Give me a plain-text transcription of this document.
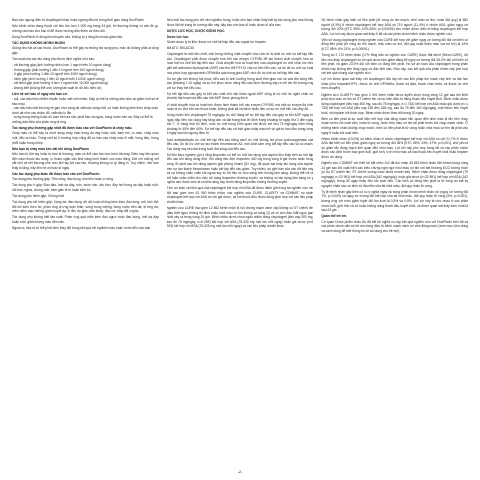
Ban cần ngưng điều trị clopidogrel khác hoặc ngừng điều trị trong thời gian dùng DuoPlavin.

Nếu bệnh nhân dùng thuốc với liều lớn hơn 1 000 mg trong 24 giờ, thì thường không có vấn đề gì, nhưng cần báo cho bác sĩ để được hướng dẫn thêm và theo dõi.

Dùng DuoPlavin ở đúng liều khuyến cáo, không tự ý tăng liều hoặc giảm liều.

TÁC DỤNG KHÔNG MONG MUỐN

Giống như tất cả các thuốc, DuoPlavin có thể gây ra những tác dụng phụ, mặc dù không phải ai cũng gặp.

Tần suất của các tác dụng phụ được định nghĩa như sau:

- rất thường gặp (ảnh hưởng nhiều hơn 1 người trên 10 người dùng)
- thường gặp (ảnh hưởng 1 đến 10 người trên 100 người dùng)
- ít gặp (ảnh hưởng 1 đến 10 người trên 1000 người dùng)
- hiếm gặp (ảnh hưởng 1 đến 10 người trên 10.000 người dùng)
- rất hiếm gặp (ảnh hưởng ít hơn 1 người trên 10.000 người dùng)
- không biết (không thể ước lượng tần suất từ dữ liệu hiện có)
Liên hệ với bác sĩ ngay nếu bạn có:
- sốt, các dấu hiệu nhiễm khuẩn hoặc mệt mỏi nhiều. Đây có thể là những dấu hiệu do giảm một số tế bào máu.
- các dấu hiệu bất thường về gan như vàng da và/hoặc vàng mắt, có hoặc không kèm theo chảy máu dưới da như các chấm đỏ, và/hoặc lú lẫn.
- sưng trong miệng hoặc rối loạn trên da như phát ban và ngứa, bóng nước trên da. Đây có thể là những dấu hiệu của phản ứng dị ứng.
Tác dụng phụ thường gặp nhất đã được báo cáo với DuoPlavin là chảy máu.

Chảy máu có thể xảy ra dưới dạng chảy máu trong dạ dày hoặc ruột, bầm tím, tụ máu, chảy máu mũi, tiểu ra máu. Trong một số ít trường hợp cũng đã có báo cáo chảy máu ở mắt, trong đầu, trong phổi hoặc trong khớp.

Nếu bạn bị chảy máu kéo dài khi dùng DuoPlavin

Nếu bạn bị đứt tay hoặc tự làm bị thương, máu có thể cầm lâu hơn bình thường. Điều này liên quan đến cách thuốc tác dụng, vì thuốc ngăn cản khả năng hình thành cục máu đông. Đối với những vết cắt nhỏ và vết thương nhẹ như đứt tay khi cạo râu, thường không có gì đáng lo. Tuy nhiên, nếu bạn thấy lo lắng, hãy liên hệ với bác sĩ ngay.

Các tác dụng phụ khác đã được báo cáo với DuoPlavin:

Tác dụng phụ thường gặp: Tiêu chảy, đau bụng, khó tiêu hoặc ợ nóng.

Tác dụng phụ ít gặp: Đau đầu, loét dạ dày, nôn, buồn nôn, táo bón, đầy hơi trong dạ dày hoặc ruột, nổi ban, ngứa, chóng mặt, cảm giác tê bì hoặc kiến bò.

Tác dụng phụ hiếm gặp: Chóng mặt.

Tác dụng phụ rất hiếm gặp: Vàng da; đau bụng dữ dội hoặc không kèm theo đau lưng; sốt, khó thở đôi khi kèm theo ho; phản ứng dị ứng toàn thân; sưng trong miệng; bóng nước trên da; dị ứng da; viêm niêm mạc miệng; giảm huyết áp; lú lẫn; ảo giác; đau khớp; đau cơ; thay đổi vị giác.

Tác dụng phụ không biết tần suất: Phản ứng quá mẫn kèm đau ngực hoặc đau bụng, loét dạ dày hoặc ruột, giảm lượng máu đến não.

Ngoài ra, bác sĩ có thể phát hiện thay đổi trong kết quả xét nghiệm máu hoặc nước tiểu của bạn.

Nếu một tác dụng phụ trở nên nghiêm trọng, hoặc nếu bạn nhận thấy bất kỳ tác dụng phụ nào không được liệt kê trong tờ hướng dẫn này, hãy báo cho bác sĩ hoặc dược sĩ của bạn.

DƯỢC LỰC HỌC, DƯỢC ĐỘNG HỌC
Dược lực học

Nhóm dược lý trị liệu: thuốc ức chế kết tập tiểu cầu ngoại trừ heparin.

Mã ATC: B01AC30.

Clopidogrel là một tiền chất, một trong những chất chuyển hóa của nó là chất ức chế sự kết tập tiểu cầu. Clopidogrel phải được chuyển hóa bởi các enzym CYP450 để tạo thành chất chuyển hóa có hoạt tính ức chế kết tập tiểu cầu. Chất chuyển hóa có hoạt tính của clopidogrel ức chế chọn lọc việc gắn kết adenosin diphosphat (ADP) vào thụ thể P2Y12 của nó trên tiểu cầu, và do đó ức chế sự hoạt hóa phức hợp glycoprotein GPIIb/IIIa qua trung gian ADP, nhờ đó ức chế sự kết tập tiểu cầu.

Do sự gắn kết không hồi phục, tiểu cầu bị ảnh hưởng trong suốt thời gian còn lại của đời sống tiểu cầu (khoảng 7-10 ngày) và sự hồi phục chức năng tiểu cầu bình thường xảy ra với tốc độ tương ứng với sự thay thế tiểu cầu.

Sự kết tập tiểu cầu gây ra bởi các chất chủ vận khác ngoài ADP cũng bị ức chế do ngăn chặn sự khuếch đại hoạt hóa tiểu cầu bởi ADP được phóng thích.

Vì chất chuyển hóa có hoạt tính được hình thành bởi các enzym CYP450, mà một số enzym đa hình hoặc bị ức chế bởi các thuốc khác, không phải tất cả bệnh nhân đều có sự ức chế tiểu cầu đầy đủ.

Dùng nhiều liều clopidogrel 75 mg/ngày ức chế đáng kể sự kết tập tiểu cầu gây ra bởi ADP ngay từ ngày đầu tiên; tác dụng này tăng dần và đạt trạng thái ổn định trong khoảng từ ngày thứ 3 đến ngày thứ 7. Ở trạng thái ổn định, mức ức chế trung bình quan sát được với liều 75 mg/ngày nằm trong khoảng từ 40% đến 60%. Sự kết tập tiểu cầu và thời gian chảy máu trở về giá trị ban đầu trong vòng 5 ngày sau khi ngưng điều trị.

Acid acetylsalicylic ức chế kết tập tiểu cầu bằng cách ức chế không hồi phục cyclooxygenase của tiểu cầu, do đó ức chế sự tạo thành thromboxan A2, một chất cảm ứng kết tập tiểu cầu và co mạch. Tác dụng này kéo dài trong suốt đời sống của tiểu cầu.

Số liệu thực nghiệm gợi ý rằng ibuprofen có thể ức chế tác dụng của aspirin liều thấp trên sự kết tập tiểu cầu khi dùng đồng thời. Khi dùng liều đơn ibuprofen 400 mg trong vòng 8 giờ trước hoặc trong vòng 30 phút sau khi dùng aspirin giải phóng nhanh (81 mg), đã quan sát thấy tác dụng của aspirin trên sự tạo thành thromboxan hoặc kết tập tiểu cầu giảm. Tuy nhiên, do giới hạn của các dữ liệu này và sự không chắc chắn khi ngoại suy từ dữ liệu ex vivo sang tình huống lâm sàng, không thể rút ra kết luận chắc chắn cho việc sử dụng ibuprofen thường xuyên, và không có tác dụng lâm sàng có ý nghĩa nào được xem là có khả năng xảy ra khi dùng ibuprofen không thường xuyên.

Tính an toàn và hiệu quả của clopidogrel kết hợp với ASA đã được đánh giá trong ba nghiên cứu mù đôi bao gồm hơn 61 900 bệnh nhân: các nghiên cứu CURE, CLARITY và COMMIT, so sánh clopidogrel kết hợp với ASA so với giả dược, cả hai thuốc đều được dùng phối hợp với các liệu pháp chuẩn khác.

Nghiên cứu CURE bao gồm 12 562 bệnh nhân bị hội chứng mạch vành cấp không có ST chênh lên (đau thắt ngực không ổn định hoặc nhồi máu cơ tim không có sóng Q) và có cơn đau thắt ngực gần nhất xảy ra trong vòng 24 giờ. Bệnh nhân được chọn ngẫu nhiên dùng clopidogrel (liều nạp 300 mg, sau đó 75 mg/ngày, n=6 259) kết hợp với ASA (75-325 mg một lần mỗi ngày) hoặc giả dược (n=6 303) kết hợp với ASA (75-325 mg một lần mỗi ngày) và các liệu pháp chuẩn khác.

Số bệnh nhân gặp biến cố tiên phát (tử vong do tim mạch, nhồi máu cơ tim, hoặc đột quỵ) là 582 người (9,3%) ở nhóm clopidogrel kết hợp ASA và 719 người (11,4%) ở nhóm ASA, giảm nguy cơ tương đối 20% (KTC 95%: 10%-28%; p=0,00009) cho nhóm được điều trị bằng clopidogrel kết hợp ASA. Lợi ích này được quan sát thấy ở tất cả các phân nhóm bệnh nhân được nghiên cứu.

Việc sử dụng clopidogrel trong nghiên cứu CURE kết hợp với giảm nguy cơ tương đối đối với biến cố đồng tiên phát (tử vong do tim mạch, nhồi máu cơ tim, đột quỵ hoặc thiếu máu cục bộ trơ) là 14% (KTC 95%: 6%-21%, p=0,00091).

Trong số 2 172 bệnh nhân (17% tổng dân số nghiên cứu CURE) được đặt stent (Stent-CURE), dữ liệu cho thấy clopidogrel so với giả dược làm giảm đáng kể nguy cơ tương đối 26,2% đối với biến cố tiên phát, và giảm 23,9% đối với biến cố đồng tiên phát. Hồ sơ an toàn của clopidogrel trong phân nhóm này không làm tăng nguy cơ đặc biệt nào. Như vậy, các kết quả của phân nhóm này phù hợp với kết quả chung của nghiên cứu.

Lợi ích được quan sát thấy với clopidogrel độc lập với các liệu pháp tim mạch cấp tính và dài hạn khác (như heparin/HTPL, thuốc ức chế GPIIb/IIIa, thuốc hạ lipid, thuốc chẹn beta, và thuốc ức chế men chuyển).

Nghiên cứu CLARITY bao gồm 3 491 bệnh nhân được tuyển chọn trong vòng 12 giờ sau khi khởi phát nhồi máu cơ tim có ST chênh lên và dự kiến điều trị bằng thuốc tiêu huyết khối. Bệnh nhân được dùng clopidogrel (liều nạp 300 mg, sau đó 75 mg/ngày, n=1 752) kết hợp với ASA hoặc giả dược (n=1 739) kết hợp với ASA (liều nạp 150 đến 325 mg, sau đó 75 đến 162 mg/ngày), một thuốc tiêu huyết khối, và heparin khi thích hợp. Bệnh nhân được theo dõi trong 30 ngày.

Biến cố tiên phát là sự xuất hiện kết hợp của động mạch liên quan đến nhồi máu bị tắc trên chụp mạch trước khi xuất viện, hoặc tử vong, hoặc nhồi máu cơ tim tái phát trước khi chụp mạch vành. Ở những bệnh nhân không chụp mạch, biến cố tiên phát là tử vong hoặc nhồi máu cơ tim tái phát vào ngày 8 hoặc khi xuất viện.

Nhóm bệnh nhân (19,0%) số bệnh nhân ở nhóm clopidogrel kết hợp với ASA so với 21,7% ở nhóm ASA đạt biến cố tiên phát, giảm nguy cơ tương đối 36% (KTC 95%: 24%, 47%; p<0,001), chủ yếu là do giảm tắc động mạch liên quan đến nhồi máu. Lợi ích này phù hợp trong tất cả các phân nhóm được xác định trước bao gồm tuổi, giới tính, vị trí nhồi máu và loại thuốc tiêu huyết khối hoặc heparin được sử dụng.

Nghiên cứu COMMIT với thiết kế bắt chéo 2x2 đã thu nhận 45 852 bệnh nhân đến khám trong vòng 24 giờ sau khi xuất hiện các triệu chứng nghi ngờ nhồi máu cơ tim với bất thường ECG tương thích (ví dụ ST chênh lên, ST chênh xuống hoặc block nhánh trái). Bệnh nhân được dùng clopidogrel (75 mg/ngày, n=22 961) kết hợp với ASA (162 mg/ngày), hoặc giả dược (n=22 891) kết hợp với ASA (162 mg/ngày), trong 28 ngày hoặc đến khi xuất viện. Các biến cố đồng tiên phát là tử vong do bất kỳ nguyên nhân nào và biến cố đầu tiên của tái nhồi máu, đột quỵ hoặc tử vong.

Tỷ lệ bệnh nhân gặp biến cố có ý nghĩa ngay cả trong phân nhóm bệnh nhân nữ (nguy cơ tương đối 7%, p=0,029) và nguy cơ tương đối kết hợp của tái nhồi máu, đột quỵ hoặc tử vong (9%, p=0,002), tương ứng với mức giảm tuyệt đối lần lượt là 0,5% và 0,9%. Lợi ích này là như nhau ở các phân nhóm tuổi, giới tính và có hoặc không dùng thuốc tiêu huyết khối, và được quan sát thấy sớm nhất là sau 24 giờ.

Quần thể trẻ em

Cơ quan Dược phẩm châu Âu đã bãi bỏ nghĩa vụ nộp kết quả nghiên cứu với DuoPlavin trên tất cả các phân nhóm dân số trẻ em trong điều trị bệnh mạch vành xơ vữa động mạch (xem mục Liều dùng và cách dùng để biết thông tin về sử dụng cho trẻ em).

-2-
